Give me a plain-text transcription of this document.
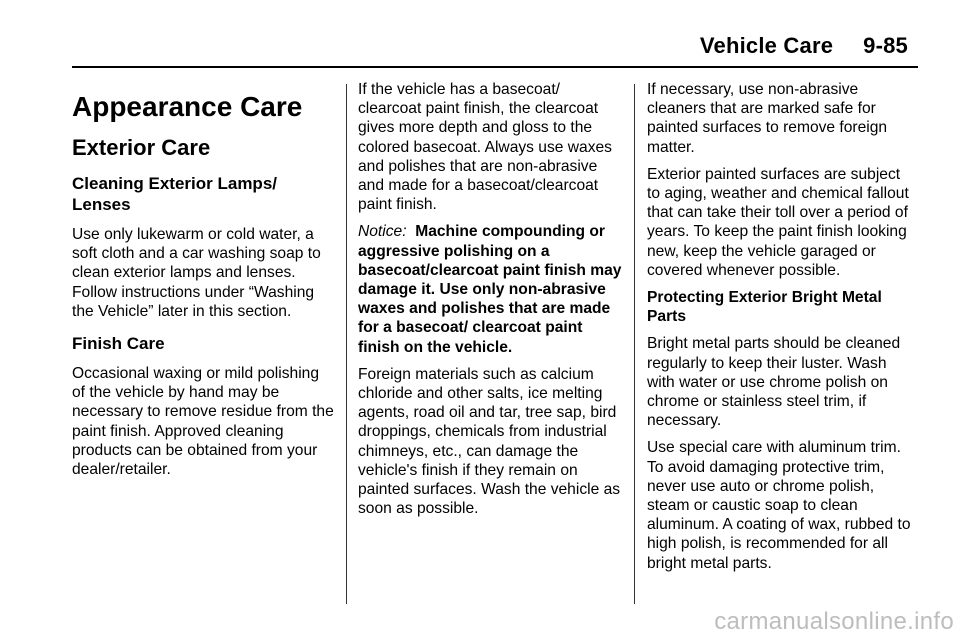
Vehicle Care 9-85
Appearance Care
Exterior Care
Cleaning Exterior Lamps/ Lenses

Use only lukewarm or cold water, a soft cloth and a car washing soap to clean exterior lamps and lenses. Follow instructions under “Washing the Vehicle” later in this section.

Finish Care

Occasional waxing or mild polishing of the vehicle by hand may be necessary to remove residue from the paint finish. Approved cleaning products can be obtained from your dealer/retailer.

If the vehicle has a basecoat/ clearcoat paint finish, the clearcoat gives more depth and gloss to the colored basecoat. Always use waxes and polishes that are non-abrasive and made for a basecoat/clearcoat paint finish.

Notice: Machine compounding or aggressive polishing on a basecoat/clearcoat paint finish may damage it. Use only non-abrasive waxes and polishes that are made for a basecoat/ clearcoat paint finish on the vehicle.

Foreign materials such as calcium chloride and other salts, ice melting agents, road oil and tar, tree sap, bird droppings, chemicals from industrial chimneys, etc., can damage the vehicle's finish if they remain on painted surfaces. Wash the vehicle as soon as possible.

If necessary, use non-abrasive cleaners that are marked safe for painted surfaces to remove foreign matter.

Exterior painted surfaces are subject to aging, weather and chemical fallout that can take their toll over a period of years. To keep the paint finish looking new, keep the vehicle garaged or covered whenever possible.

Protecting Exterior Bright Metal Parts

Bright metal parts should be cleaned regularly to keep their luster. Wash with water or use chrome polish on chrome or stainless steel trim, if necessary.

Use special care with aluminum trim. To avoid damaging protective trim, never use auto or chrome polish, steam or caustic soap to clean aluminum. A coating of wax, rubbed to high polish, is recommended for all bright metal parts.

carmanualsonline.info
